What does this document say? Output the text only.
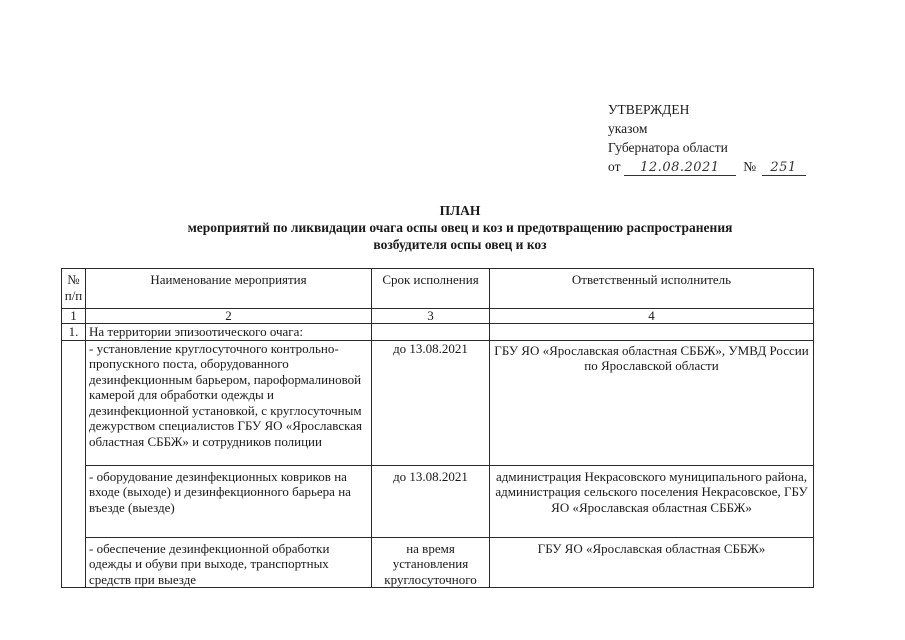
УТВЕРЖДЕН
указом
Губернатора области
от 12.08.2021 № 251
ПЛАН
мероприятий по ликвидации очага оспы овец и коз и предотвращению распространения
возбудителя оспы овец и коз
№ п/п	Наименование мероприятия	Срок исполнения	Ответственный исполнитель
1	2	3	4
1.	На территории эпизоотического очага:		
	- установление круглосуточного контрольно-пропускного поста, оборудованного дезинфекционным барьером, пароформалиновой камерой для обработки одежды и дезинфекционной установкой, с круглосуточным дежурством специалистов ГБУ ЯО «Ярославская областная СББЖ» и сотрудников полиции	до 13.08.2021	ГБУ ЯО «Ярославская областная СББЖ», УМВД России по Ярославской области
	- оборудование дезинфекционных ковриков на входе (выходе) и дезинфекционного барьера на въезде (выезде)	до 13.08.2021	администрация Некрасовского муниципального района, администрация сельского поселения Некрасовское, ГБУ ЯО «Ярославская областная СББЖ»
	- обеспечение дезинфекционной обработки одежды и обуви при выходе, транспортных средств при выезде	на время установления круглосуточного	ГБУ ЯО «Ярославская областная СББЖ»
